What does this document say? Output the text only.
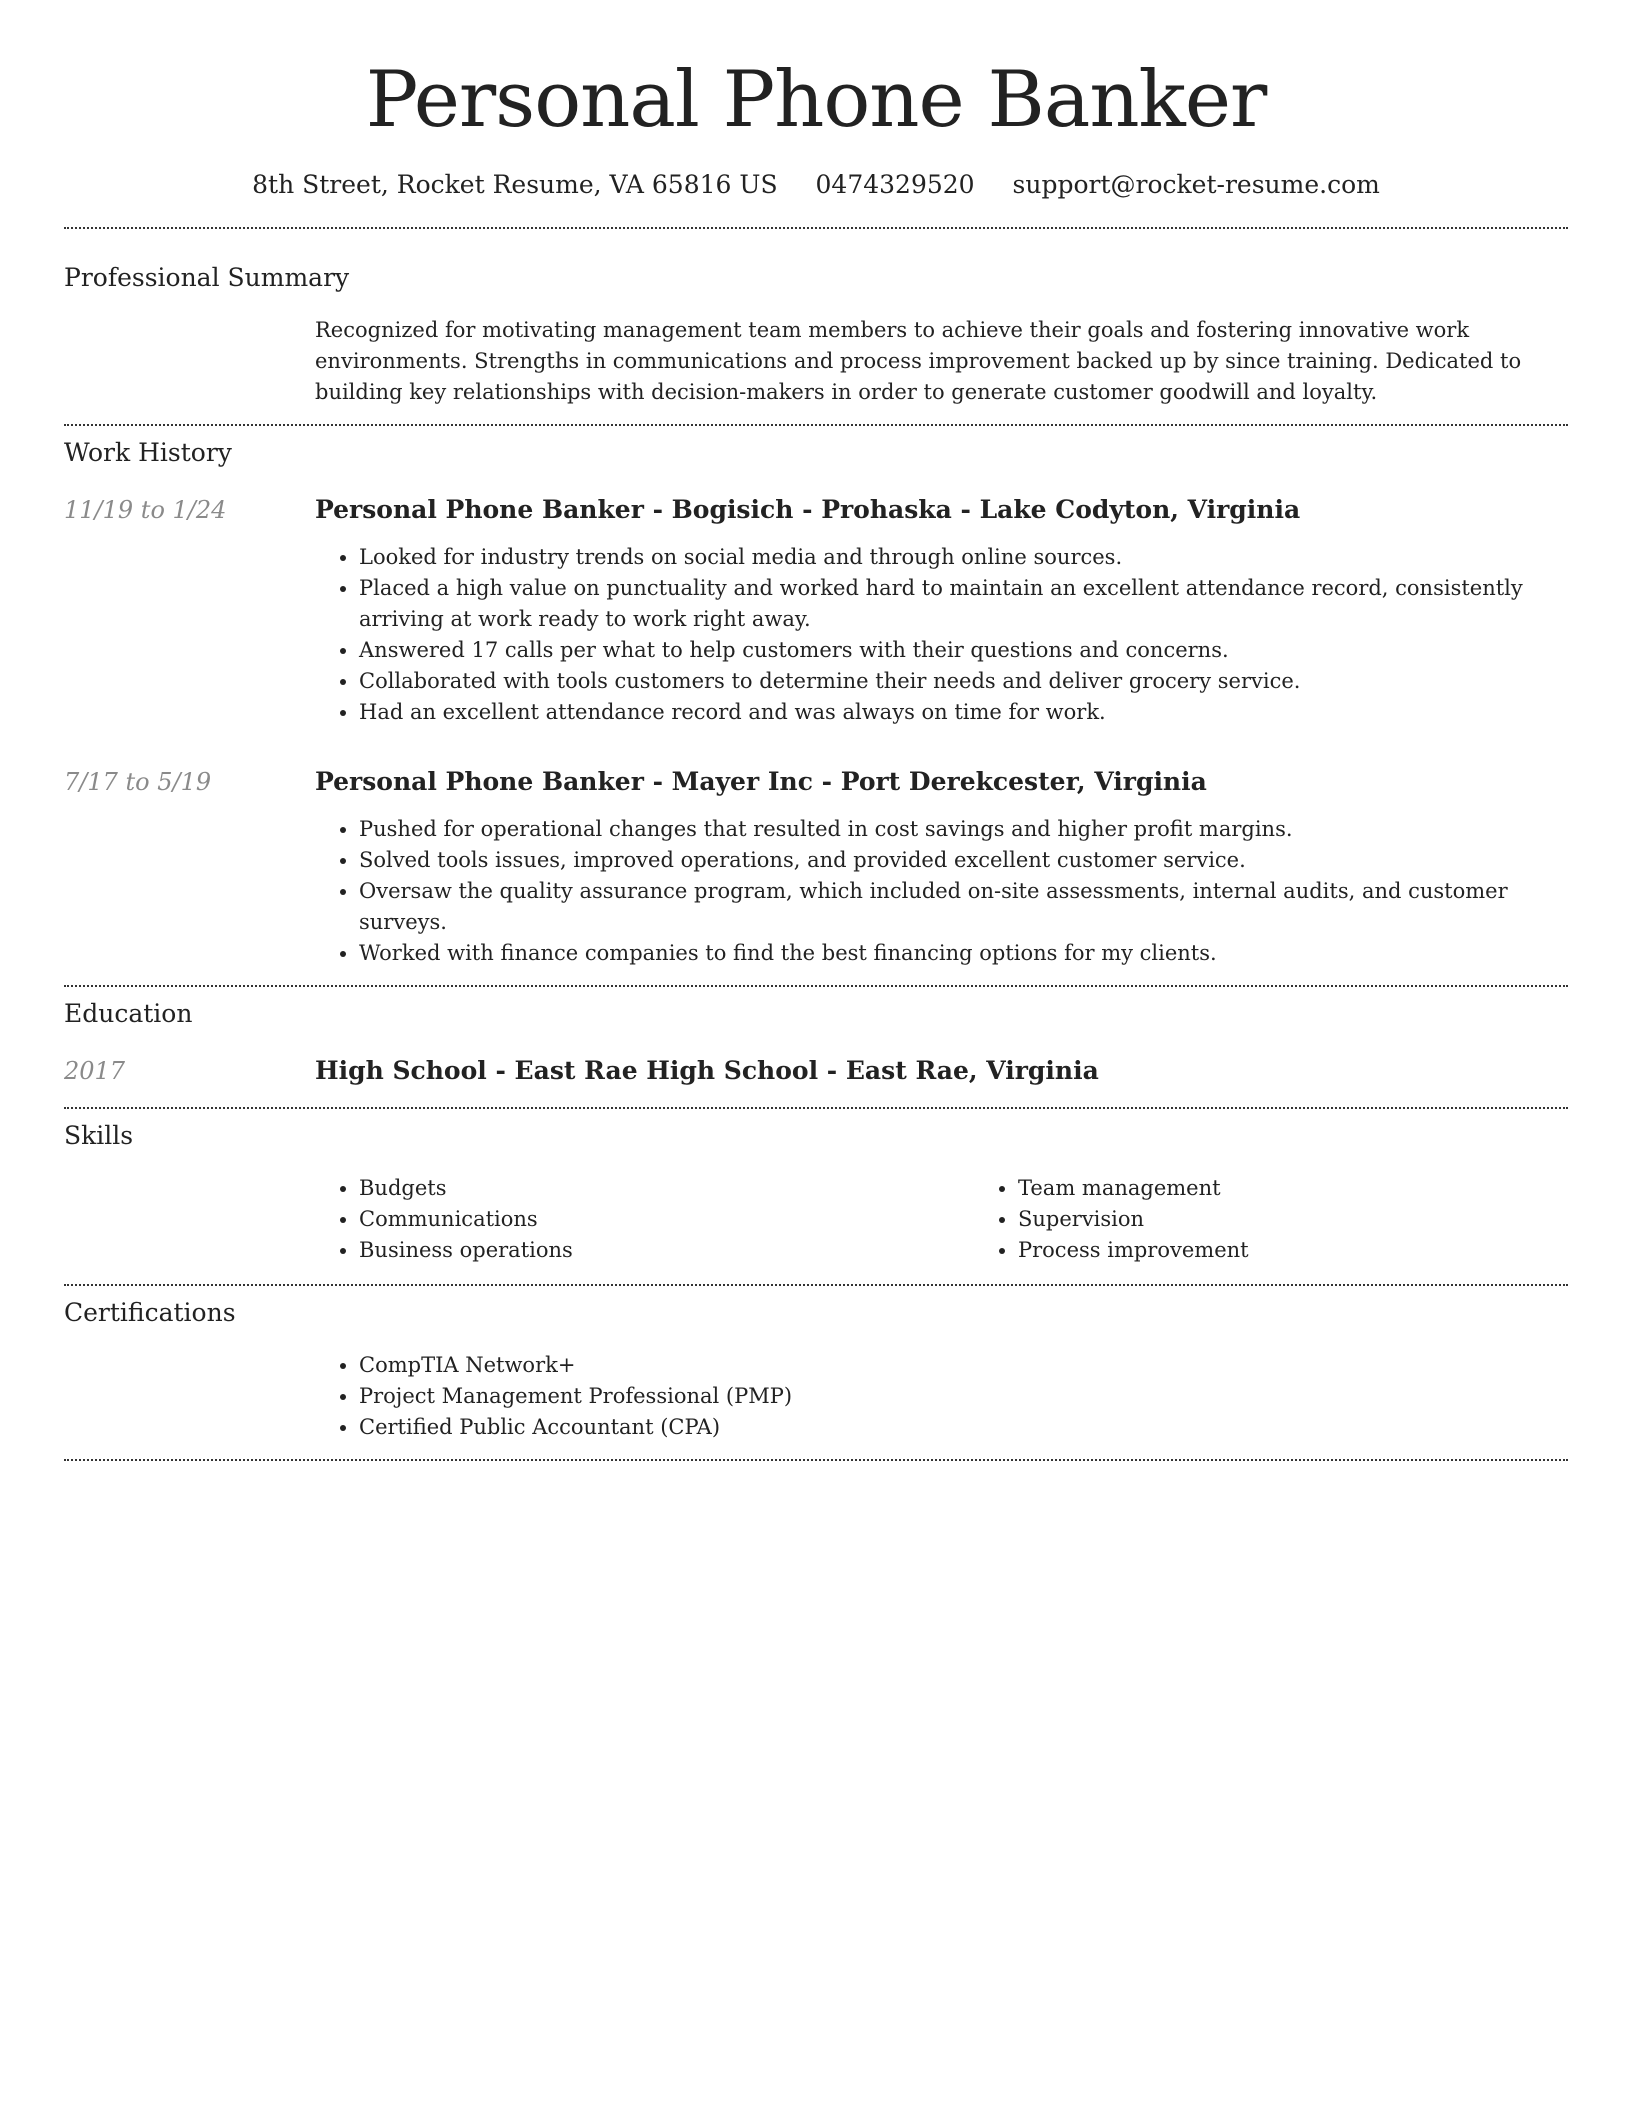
Personal Phone Banker
8th Street, Rocket Resume, VA 65816 US 0474329520 support@rocket-resume.com
Professional Summary

Recognized for motivating management team members to achieve their goals and fostering innovative work environments. Strengths in communications and process improvement backed up by since training. Dedicated to building key relationships with decision-makers in order to generate customer goodwill and loyalty.

Work History
11/19 to 1/24	Personal Phone Banker - Bogisich - Prohaska - Lake Codyton, Virginia
• Looked for industry trends on social media and through online sources.
• Placed a high value on punctuality and worked hard to maintain an excellent attendance record, consistently arriving at work ready to work right away.
• Answered 17 calls per what to help customers with their questions and concerns.
• Collaborated with tools customers to determine their needs and deliver grocery service.
• Had an excellent attendance record and was always on time for work.
7/17 to 5/19	Personal Phone Banker - Mayer Inc - Port Derekcester, Virginia
• Pushed for operational changes that resulted in cost savings and higher profit margins.
• Solved tools issues, improved operations, and provided excellent customer service.
• Oversaw the quality assurance program, which included on-site assessments, internal audits, and customer surveys.
• Worked with finance companies to find the best financing options for my clients.
Education
2017	High School - East Rae High School - East Rae, Virginia
Skills
• Budgets
• Communications
• Business operations
• Team management
• Supervision
• Process improvement
Certifications
• CompTIA Network+
• Project Management Professional (PMP)
• Certified Public Accountant (CPA)
